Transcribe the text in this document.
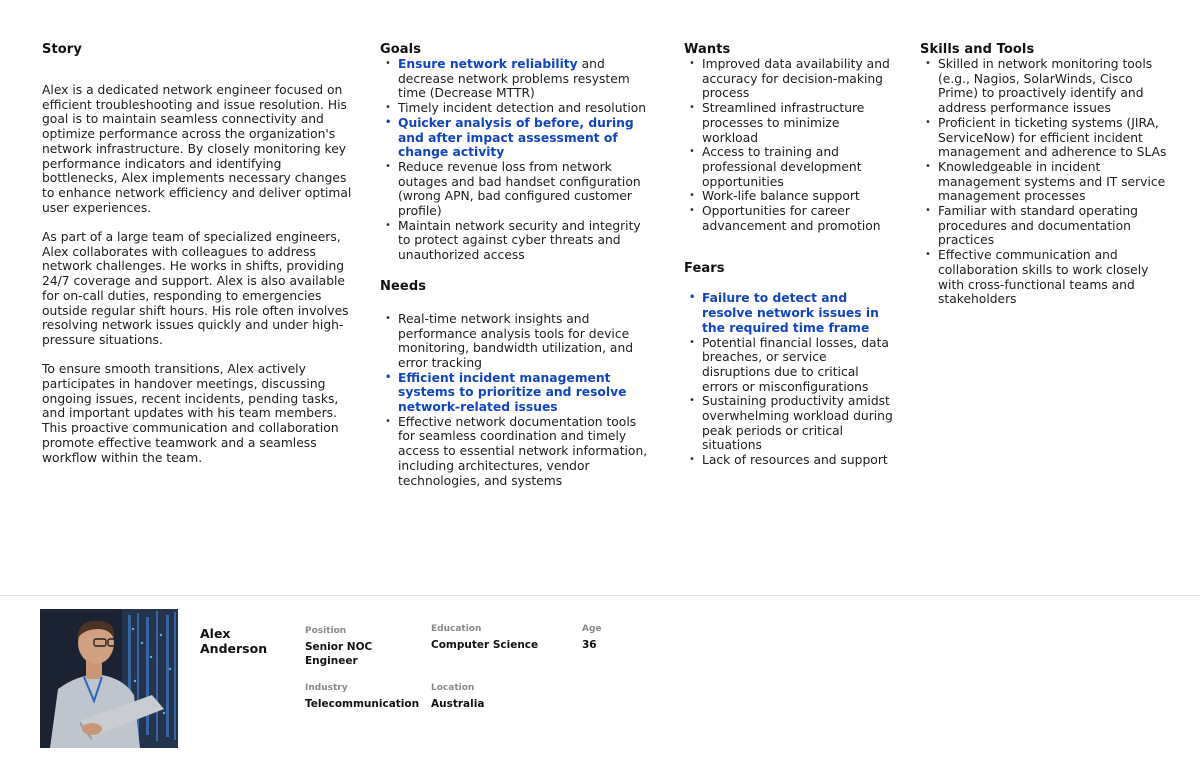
Story

Alex is a dedicated network engineer focused on efficient troubleshooting and issue resolution. His goal is to maintain seamless connectivity and optimize performance across the organization's network infrastructure. By closely monitoring key performance indicators and identifying bottlenecks, Alex implements necessary changes to enhance network efficiency and deliver optimal user experiences.

As part of a large team of specialized engineers, Alex collaborates with colleagues to address network challenges. He works in shifts, providing 24/7 coverage and support. Alex is also available for on-call duties, responding to emergencies outside regular shift hours. His role often involves resolving network issues quickly and under high-pressure situations.

To ensure smooth transitions, Alex actively participates in handover meetings, discussing ongoing issues, recent incidents, pending tasks, and important updates with his team members. This proactive communication and collaboration promote effective teamwork and a seamless workflow within the team.

Goals
• Ensure network reliability and decrease network problems resystem time (Decrease MTTR)
• Timely incident detection and resolution
• Quicker analysis of before, during and after impact assessment of change activity
• Reduce revenue loss from network outages and bad handset configuration (wrong APN, bad configured customer profile)
• Maintain network security and integrity to protect against cyber threats and unauthorized access
Needs
• Real-time network insights and performance analysis tools for device monitoring, bandwidth utilization, and error tracking
• Efficient incident management systems to prioritize and resolve network-related issues
• Effective network documentation tools for seamless coordination and timely access to essential network information, including architectures, vendor technologies, and systems
Wants
• Improved data availability and accuracy for decision-making process
• Streamlined infrastructure processes to minimize workload
• Access to training and professional development opportunities
• Work-life balance support
• Opportunities for career advancement and promotion
Fears
• Failure to detect and resolve network issues in the required time frame
• Potential financial losses, data breaches, or service disruptions due to critical errors or misconfigurations
• Sustaining productivity amidst overwhelming workload during peak periods or critical situations
• Lack of resources and support
Skills and Tools
• Skilled in network monitoring tools (e.g., Nagios, SolarWinds, Cisco Prime) to proactively identify and address performance issues
• Proficient in ticketing systems (JIRA, ServiceNow) for efficient incident management and adherence to SLAs
• Knowledgeable in incident management systems and IT service management processes
• Familiar with standard operating procedures and documentation practices
• Effective communication and collaboration skills to work closely with cross-functional teams and stakeholders
Alex
Anderson
Position
Senior NOC Engineer
Education
Computer Science
Age
36
Industry
Telecommunication
Location
Australia
